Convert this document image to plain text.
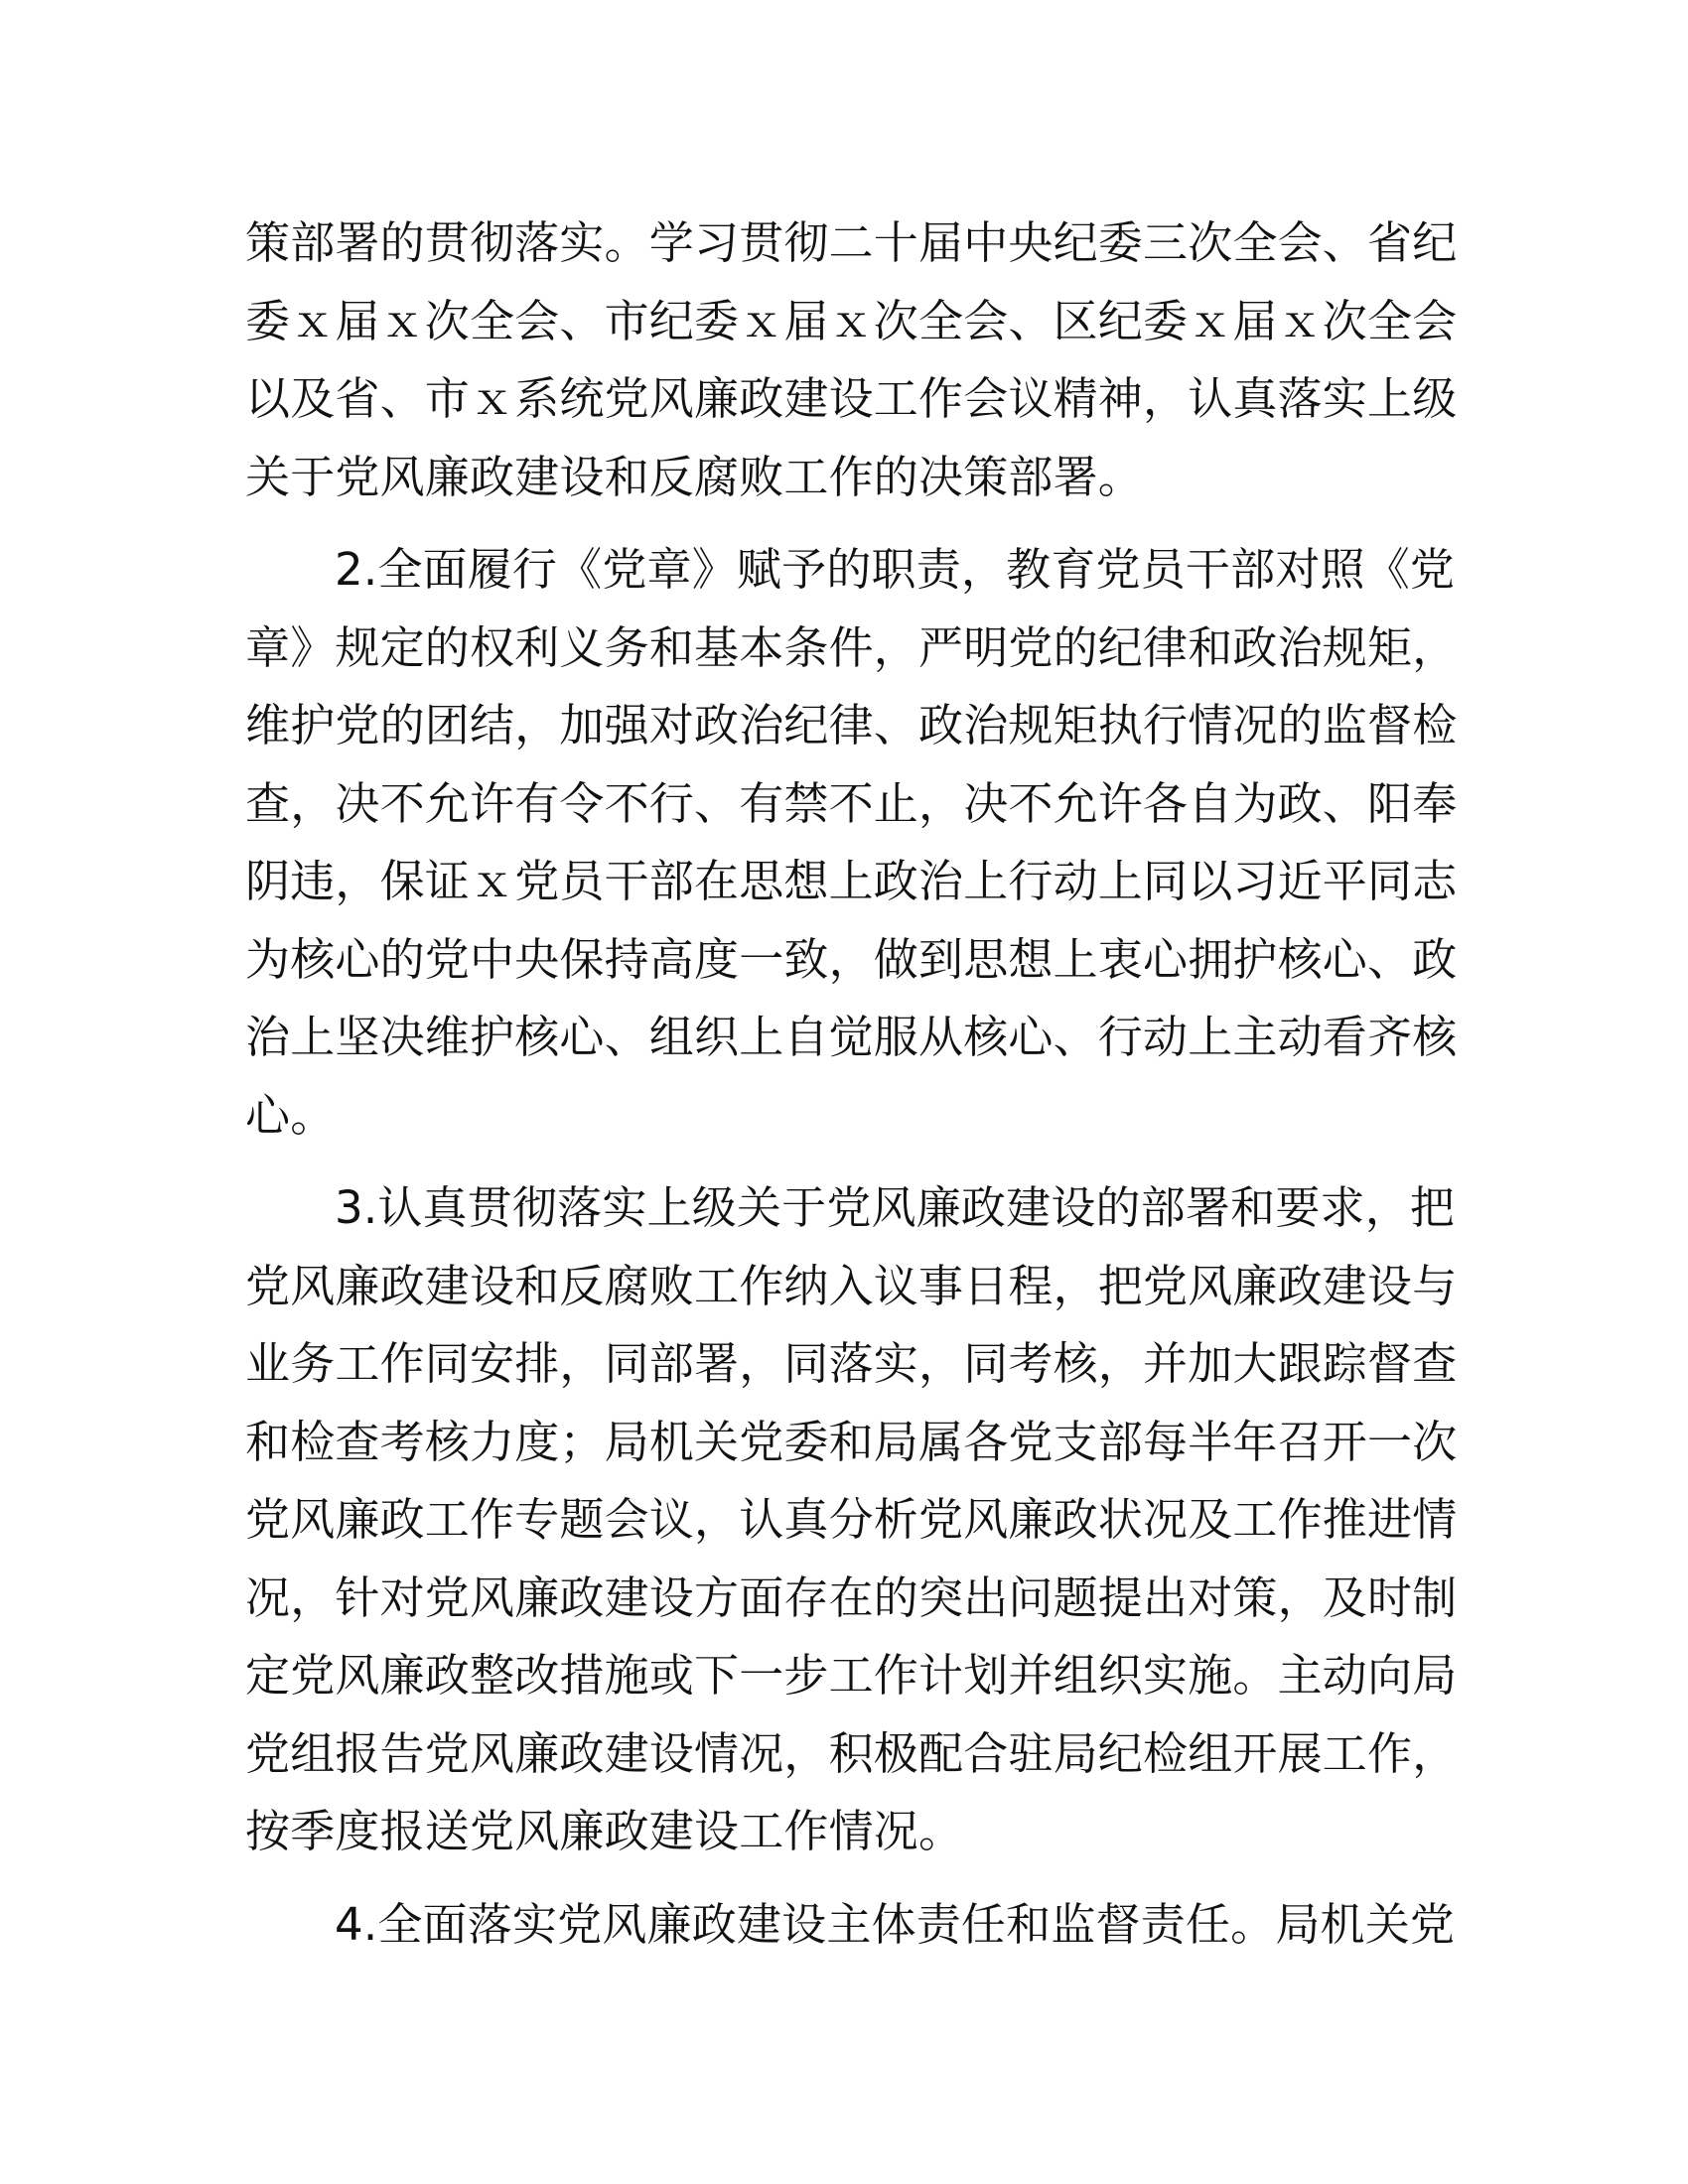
策部署的贯彻落实。学习贯彻二十届中央纪委三次全会、省纪
委ｘ届ｘ次全会、市纪委ｘ届ｘ次全会、区纪委ｘ届ｘ次全会
以及省、市ｘ系统党风廉政建设工作会议精神，认真落实上级
关于党风廉政建设和反腐败工作的决策部署。
2.全面履行《党章》赋予的职责，教育党员干部对照《党
章》规定的权利义务和基本条件，严明党的纪律和政治规矩，
维护党的团结，加强对政治纪律、政治规矩执行情况的监督检
查，决不允许有令不行、有禁不止，决不允许各自为政、阳奉
阴违，保证ｘ党员干部在思想上政治上行动上同以习近平同志
为核心的党中央保持高度一致，做到思想上衷心拥护核心、政
治上坚决维护核心、组织上自觉服从核心、行动上主动看齐核
心。
3.认真贯彻落实上级关于党风廉政建设的部署和要求，把
党风廉政建设和反腐败工作纳入议事日程，把党风廉政建设与
业务工作同安排，同部署，同落实，同考核，并加大跟踪督查
和检查考核力度；局机关党委和局属各党支部每半年召开一次
党风廉政工作专题会议，认真分析党风廉政状况及工作推进情
况，针对党风廉政建设方面存在的突出问题提出对策，及时制
定党风廉政整改措施或下一步工作计划并组织实施。主动向局
党组报告党风廉政建设情况，积极配合驻局纪检组开展工作，
按季度报送党风廉政建设工作情况。
4.全面落实党风廉政建设主体责任和监督责任。局机关党
